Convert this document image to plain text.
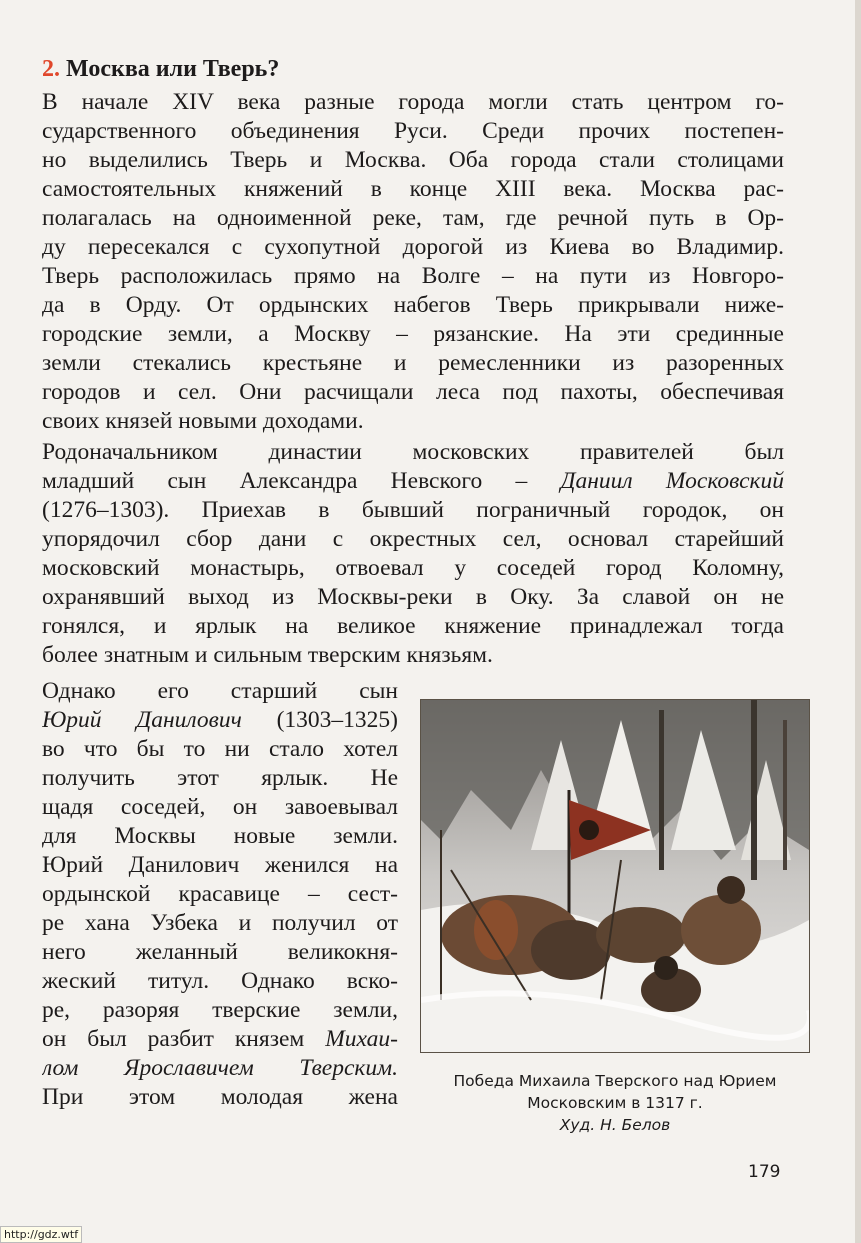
2. Москва или Тверь?
В начале XIV века разные города могли стать центром го-
сударственного объединения Руси. Среди прочих постепен-
но выделились Тверь и Москва. Оба города стали столицами
самостоятельных княжений в конце XIII века. Москва рас-
полагалась на одноименной реке, там, где речной путь в Ор-
ду пересекался с сухопутной дорогой из Киева во Владимир.
Тверь расположилась прямо на Волге – на пути из Новгоро-
да в Орду. От ордынских набегов Тверь прикрывали ниже-
городские земли, а Москву – рязанские. На эти срединные
земли стекались крестьяне и ремесленники из разоренных
городов и сел. Они расчищали леса под пахоты, обеспечивая
своих князей новыми доходами.
Родоначальником династии московских правителей был
младший сын Александра Невского – Даниил Московский
(1276–1303). Приехав в бывший пограничный городок, он
упорядочил сбор дани с окрестных сел, основал старейший
московский монастырь, отвоевал у соседей город Коломну,
охранявший выход из Москвы-реки в Оку. За славой он не
гонялся, и ярлык на великое княжение принадлежал тогда
более знатным и сильным тверским князьям.
Однако его старший сын
Юрий Данилович (1303–1325)
во что бы то ни стало хотел
получить этот ярлык. Не
щадя соседей, он завоевывал
для Москвы новые земли.
Юрий Данилович женился на
ордынской красавице – сест-
ре хана Узбека и получил от
него желанный великокня-
жеский титул. Однако вско-
ре, разоряя тверские земли,
он был разбит князем Михаи-
лом Ярославичем Тверским.
При этом молодая жена
Победа Михаила Тверского над Юрием
Московским в 1317 г.
Худ. Н. Белов
179
http://gdz.wtf
